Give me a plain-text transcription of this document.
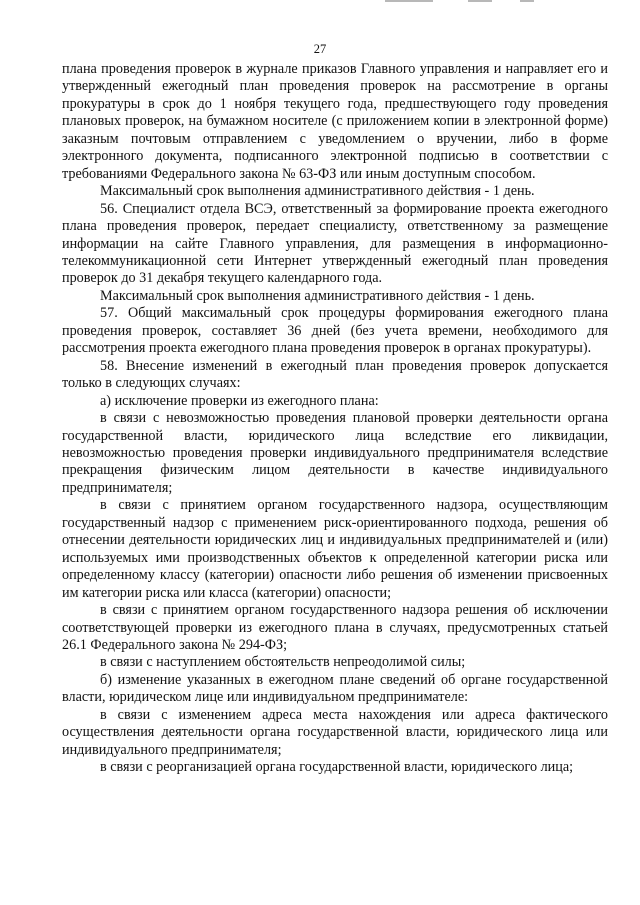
27

плана проведения проверок в журнале приказов Главного управления и направляет его и утвержденный ежегодный план проведения проверок на рассмотрение в органы прокуратуры в срок до 1 ноября текущего года, предшествующего году проведения плановых проверок, на бумажном носителе (с приложением копии в электронной форме) заказным почтовым отправлением с уведомлением о вручении, либо в форме электронного документа, подписанного электронной подписью в соответствии с требованиями Федерального закона № 63-ФЗ или иным доступным способом.

Максимальный срок выполнения административного действия - 1 день.

56. Специалист отдела ВСЭ, ответственный за формирование проекта ежегодного плана проведения проверок, передает специалисту, ответственному за размещение информации на сайте Главного управления, для размещения в информационно-телекоммуникационной сети Интернет утвержденный ежегодный план проведения проверок до 31 декабря текущего календарного года.

Максимальный срок выполнения административного действия - 1 день.

57. Общий максимальный срок процедуры формирования ежегодного плана проведения проверок, составляет 36 дней (без учета времени, необходимого для рассмотрения проекта ежегодного плана проведения проверок в органах прокуратуры).

58. Внесение изменений в ежегодный план проведения проверок допускается только в следующих случаях:

а) исключение проверки из ежегодного плана:

в связи с невозможностью проведения плановой проверки деятельности органа государственной власти, юридического лица вследствие его ликвидации, невозможностью проведения проверки индивидуального предпринимателя вследствие прекращения физическим лицом деятельности в качестве индивидуального предпринимателя;

в связи с принятием органом государственного надзора, осуществляющим государственный надзор с применением риск-ориентированного подхода, решения об отнесении деятельности юридических лиц и индивидуальных предпринимателей и (или) используемых ими производственных объектов к определенной категории риска или определенному классу (категории) опасности либо решения об изменении присвоенных им категории риска или класса (категории) опасности;

в связи с принятием органом государственного надзора решения об исключении соответствующей проверки из ежегодного плана в случаях, предусмотренных статьей 26.1 Федерального закона № 294-ФЗ;

в связи с наступлением обстоятельств непреодолимой силы;

б) изменение указанных в ежегодном плане сведений об органе государственной власти, юридическом лице или индивидуальном предпринимателе:

в связи с изменением адреса места нахождения или адреса фактического осуществления деятельности органа государственной власти, юридического лица или индивидуального предпринимателя;

в связи с реорганизацией органа государственной власти, юридического лица;
